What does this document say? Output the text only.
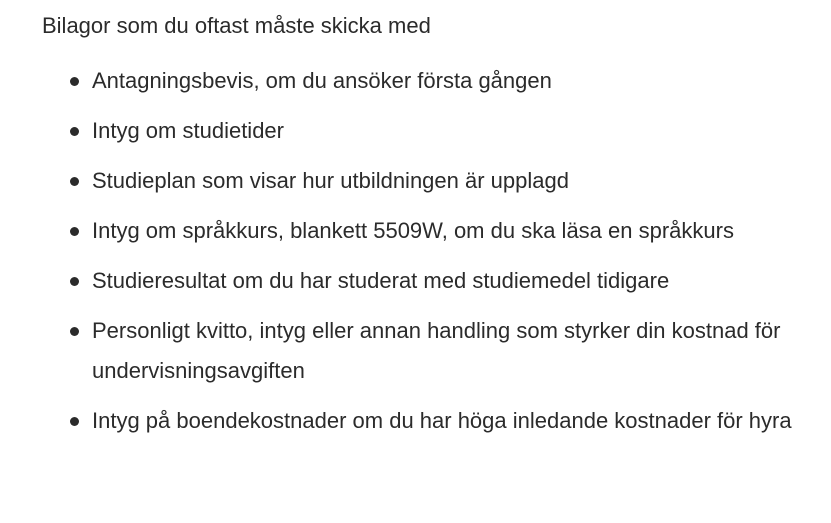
Bilagor som du oftast måste skicka med

Antagningsbevis, om du ansöker första gången
Intyg om studietider
Studieplan som visar hur utbildningen är upplagd
Intyg om språkkurs, blankett 5509W, om du ska läsa en språkkurs
Studieresultat om du har studerat med studiemedel tidigare
Personligt kvitto, intyg eller annan handling som styrker din kostnad för undervisningsavgiften
Intyg på boendekostnader om du har höga inledande kostnader för hyra
